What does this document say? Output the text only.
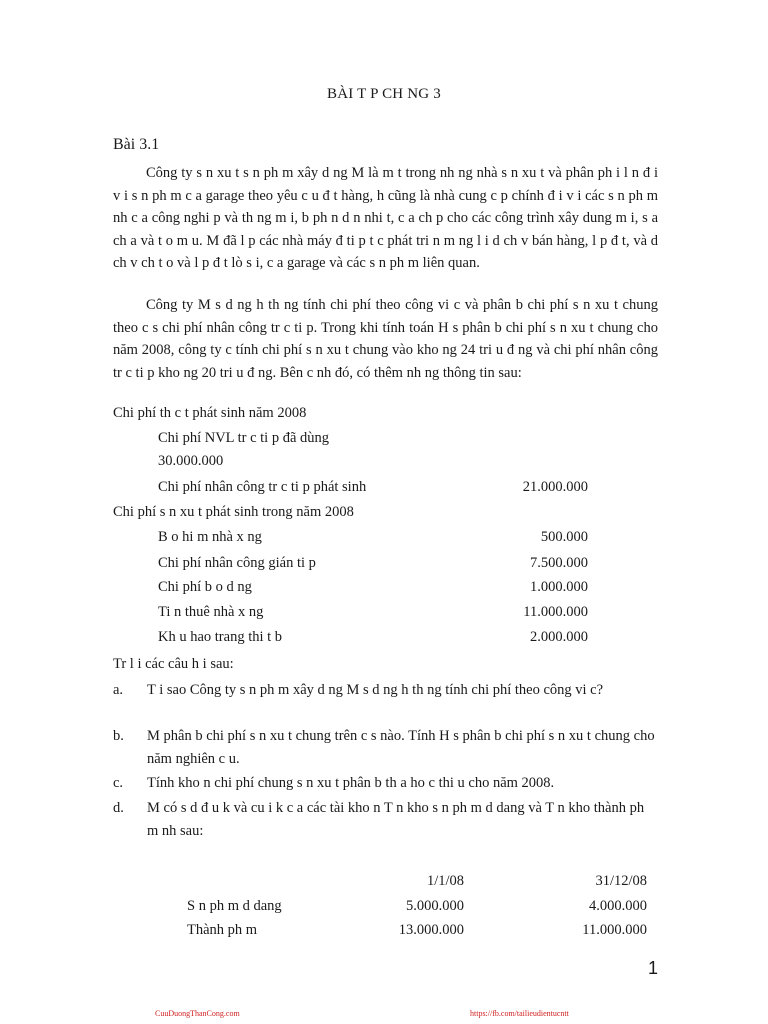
BÀI T P CH NG 3
Bài 3.1

Công ty s n xu t s n ph m xây d ng M là m t trong nh ng nhà s n xu t và phân ph i l n đ i v i s n ph m c a garage theo yêu c u đ t hàng, h cũng là nhà cung c p chính đ i v i các s n ph m nh c a công nghi p và th ng m i, b ph n d n nhi t, c a ch p cho các công trình xây dung m i, s a ch a và t o m u. M đã l p các nhà máy đ ti p t c phát tri n m ng l i d ch v bán hàng, l p đ t, và d ch v ch t o và l p đ t lò s i, c a garage và các s n ph m liên quan.

Công ty M s d ng h th ng tính chi phí theo công vi c và phân b chi phí s n xu t chung theo c s chi phí nhân công tr c ti p. Trong khi tính toán H s phân b chi phí s n xu t chung cho năm 2008, công ty c tính chi phí s n xu t chung vào kho ng 24 tri u đ ng và chi phí nhân công tr c ti p kho ng 20 tri u đ ng. Bên c nh đó, có thêm nh ng thông tin sau:

Chi phí th c t phát sinh năm 2008
Chi phí NVL tr c ti p đã dùng
30.000.000
Chi phí nhân công tr c ti p phát sinh	21.000.000
Chi phí s n xu t phát sinh trong năm 2008
B o hi m nhà x ng	500.000
Chi phí nhân công gián ti p	7.500.000
Chi phí b o d ng	1.000.000
Ti n thuê nhà x ng	11.000.000
Kh u hao trang thi t b	2.000.000
Tr l i các câu h i sau:
a. T i sao Công ty s n ph m xây d ng M s d ng h th ng tính chi phí theo công vi c?

b. M phân b chi phí s n xu t chung trên c s nào. Tính H s phân b chi phí s n xu t chung cho năm nghiên c u.

c. Tính kho n chi phí chung s n xu t phân b th a ho c thi u cho năm 2008.

d. M có s d đ u k và cu i k c a các tài kho n T n kho s n ph m d dang và T n kho thành ph m nh sau:

1/1/08	31/12/08
S n ph m d dang	5.000.000	4.000.000
Thành ph m	13.000.000	11.000.000
1
CuuDuongThanCong.com	https://fb.com/tailieudientucntt
